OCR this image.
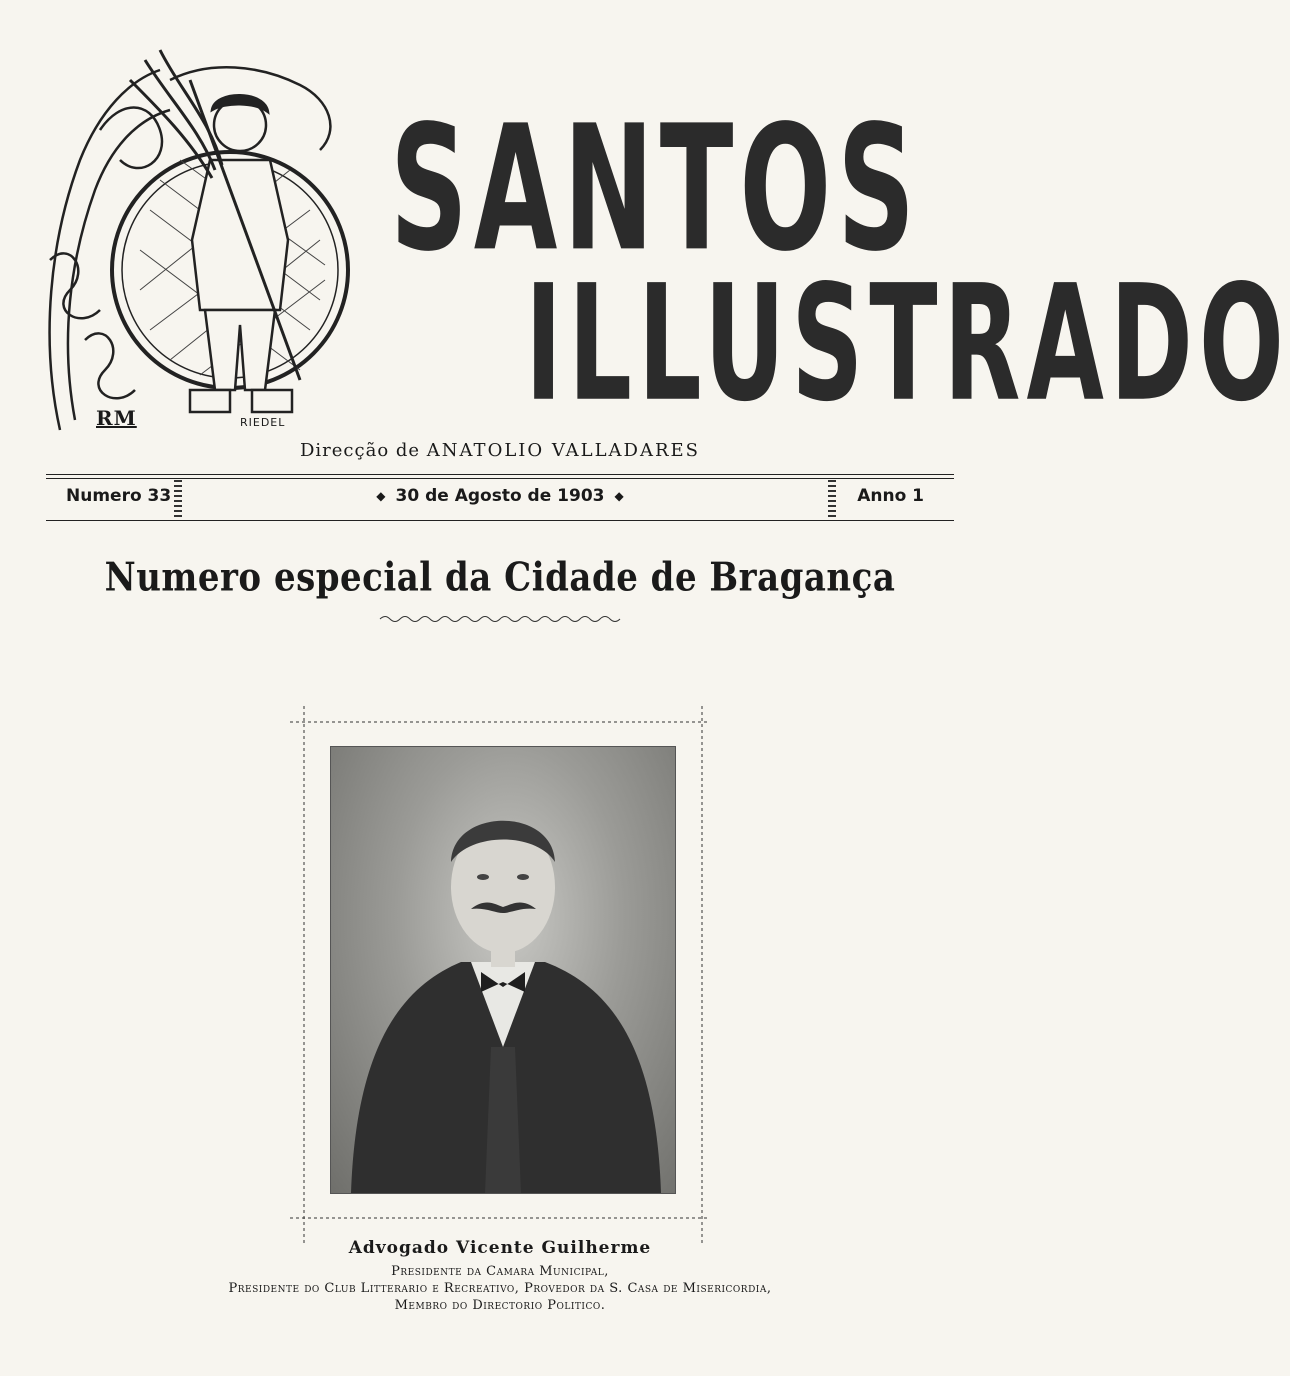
SANTOS
ILLUSTRADO
RM	RIEDEL
Direcção de ANATOLIO VALLADARES
Numero 33	◆ 30 de Agosto de 1903 ◆	Anno 1
Numero especial da Cidade de Bragança
Advogado Vicente Guilherme
Presidente da Camara Municipal,
Presidente do Club Litterario e Recreativo, Provedor da S. Casa de Misericordia,
Membro do Directorio Politico.
